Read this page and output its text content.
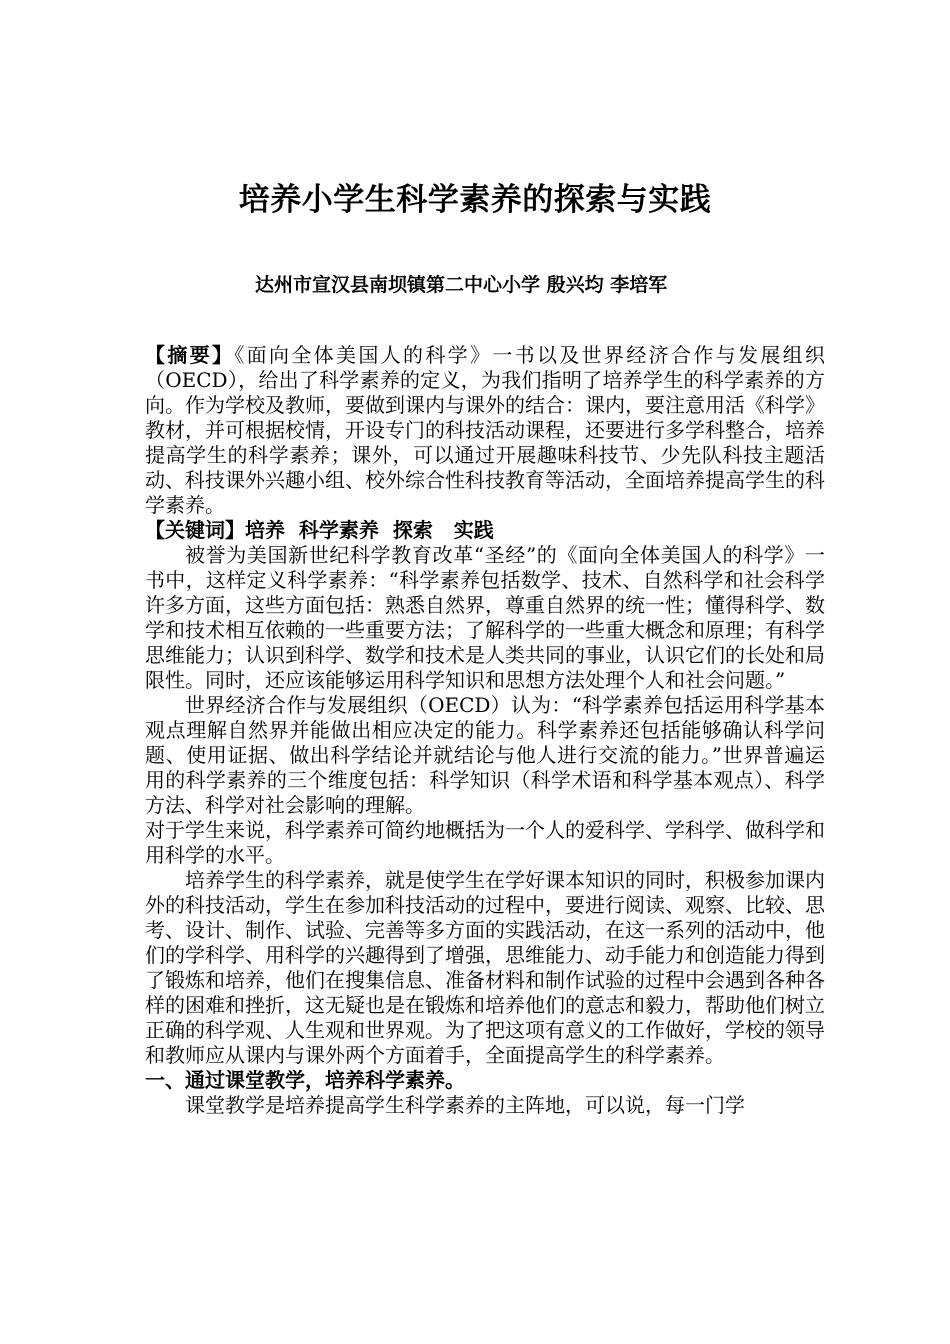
培养小学生科学素养的探索与实践
达州市宣汉县南坝镇第二中心小学 殷兴均 李培军

【摘要】《面向全体美国人的科学》一书以及世界经济合作与发展组织（OECD），给出了科学素养的定义，为我们指明了培养学生的科学素养的方向。作为学校及教师，要做到课内与课外的结合：课内，要注意用活《科学》教材，并可根据校情，开设专门的科技活动课程，还要进行多学科整合，培养提高学生的科学素养；课外，可以通过开展趣味科技节、少先队科技主题活动、科技课外兴趣小组、校外综合性科技教育等活动，全面培养提高学生的科学素养。

【关键词】培养  科学素养  探索   实践

被誉为美国新世纪科学教育改革“圣经”的《面向全体美国人的科学》一书中，这样定义科学素养：“科学素养包括数学、技术、自然科学和社会科学许多方面，这些方面包括：熟悉自然界，尊重自然界的统一性；懂得科学、数学和技术相互依赖的一些重要方法；了解科学的一些重大概念和原理；有科学思维能力；认识到科学、数学和技术是人类共同的事业，认识它们的长处和局限性。同时，还应该能够运用科学知识和思想方法处理个人和社会问题。”

世界经济合作与发展组织（OECD）认为：“科学素养包括运用科学基本观点理解自然界并能做出相应决定的能力。科学素养还包括能够确认科学问题、使用证据、做出科学结论并就结论与他人进行交流的能力。”世界普遍运用的科学素养的三个维度包括：科学知识（科学术语和科学基本观点）、科学方法、科学对社会影响的理解。

对于学生来说，科学素养可简约地概括为一个人的爱科学、学科学、做科学和用科学的水平。

培养学生的科学素养，就是使学生在学好课本知识的同时，积极参加课内外的科技活动，学生在参加科技活动的过程中，要进行阅读、观察、比较、思考、设计、制作、试验、完善等多方面的实践活动，在这一系列的活动中，他们的学科学、用科学的兴趣得到了增强，思维能力、动手能力和创造能力得到了锻炼和培养，他们在搜集信息、准备材料和制作试验的过程中会遇到各种各样的困难和挫折，这无疑也是在锻炼和培养他们的意志和毅力，帮助他们树立正确的科学观、人生观和世界观。为了把这项有意义的工作做好，学校的领导和教师应从课内与课外两个方面着手，全面提高学生的科学素养。

一、通过课堂教学，培养科学素养。

课堂教学是培养提高学生科学素养的主阵地，可以说，每一门学
